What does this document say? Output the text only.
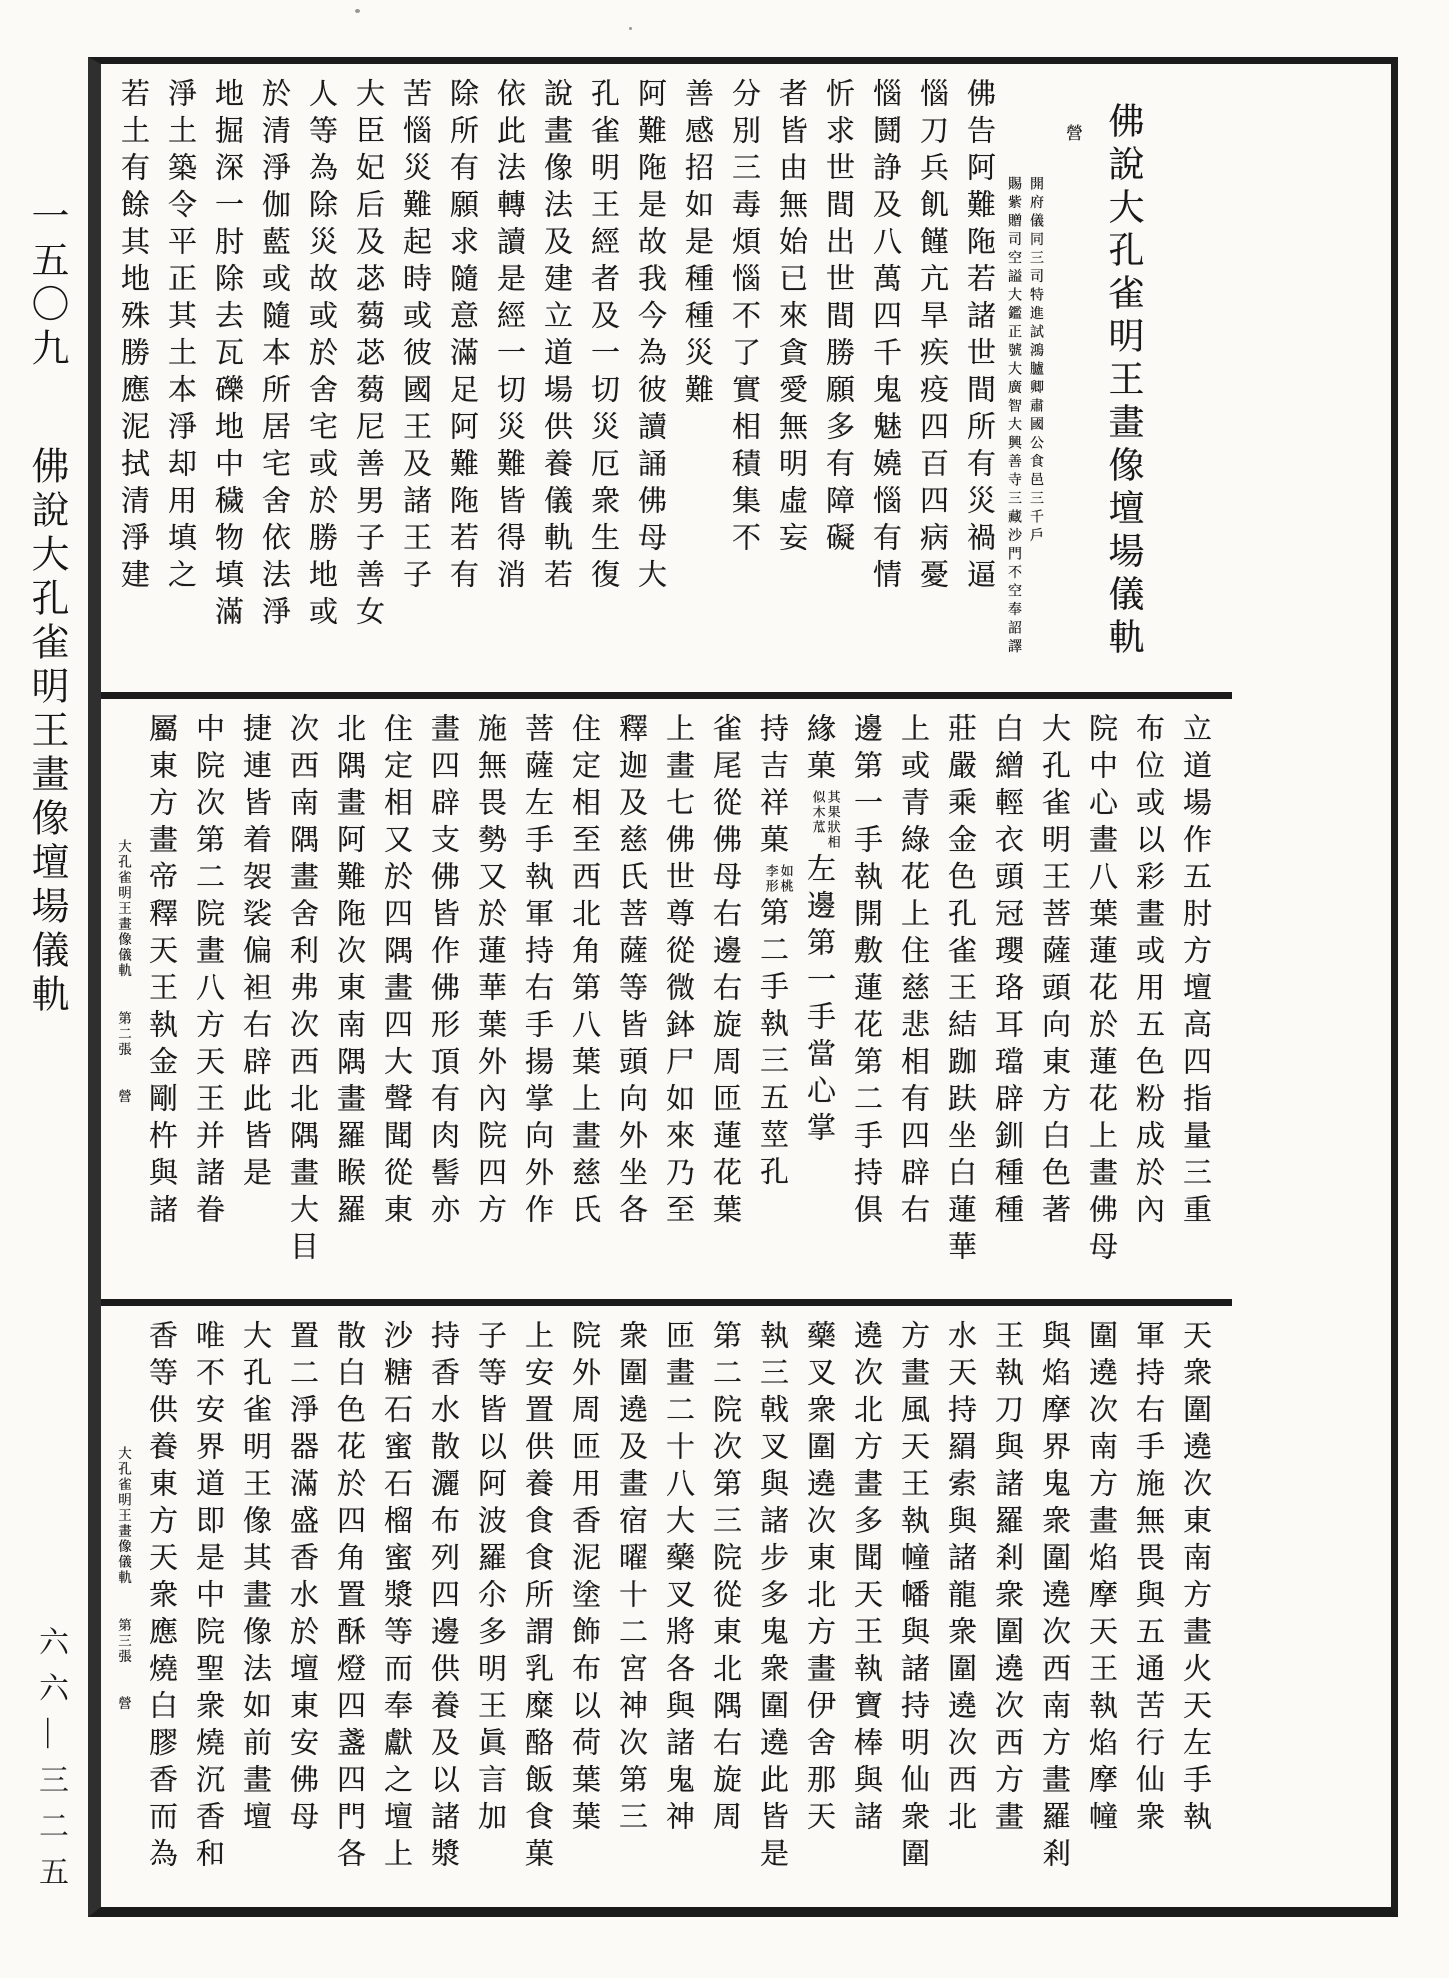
一五〇九 佛說大孔雀明王畫像壇場儀軌
六六—三二五
佛說大孔雀明王畫像壇場儀軌營
開府儀同三司特進試鴻臚卿肅國公食邑三千戶
賜紫贈司空謚大鑑正號大廣智大興善寺三藏沙門不空奉詔譯
佛告阿難陁若諸世間所有災禍逼
惱刀兵飢饉亢旱疾疫四百四病憂
惱鬪諍及八萬四千鬼魅嬈惱有情
忻求世間出世間勝願多有障礙
者皆由無始已來貪愛無明虛妄
分別三毒煩惱不了實相積集不
善感招如是種種災難
阿難陁是故我今為彼讀誦佛母大
孔雀明王經者及一切災厄衆生復
說畫像法及建立道場供養儀軌若
依此法轉讀是經一切災難皆得消
除所有願求隨意滿足阿難陁若有
苦惱災難起時或彼國王及諸王子
大臣妃后及苾蒭苾蒭尼善男子善女
人等為除災故或於舍宅或於勝地或
於清淨伽藍或隨本所居宅舍依法淨
地掘深一肘除去瓦礫地中穢物填滿
淨土築令平正其土本淨却用填之
若土有餘其地殊勝應泥拭清淨建
立道場作五肘方壇高四指量三重
布位或以彩畫或用五色粉成於內
院中心畫八葉蓮花於蓮花上畫佛母
大孔雀明王菩薩頭向東方白色著
白繒輕衣頭冠瓔珞耳璫辟釧種種
莊嚴乘金色孔雀王結跏趺坐白蓮華
上或青綠花上住慈悲相有四辟右
邊第一手執開敷蓮花第二手持俱
緣菓
其果狀相
似木苽
左邊第一手當心掌
持吉祥菓
如桃
李形
第二手執三五莖孔
雀尾從佛母右邊右旋周匝蓮花葉
上畫七佛世尊從微鉢尸如來乃至
釋迦及慈氏菩薩等皆頭向外坐各
住定相至西北角第八葉上畫慈氏
菩薩左手執軍持右手揚掌向外作
施無畏勢又於蓮華葉外內院四方
畫四辟支佛皆作佛形頂有肉髻亦
住定相又於四隅畫四大聲聞從東
北隅畫阿難陁次東南隅畫羅睺羅
次西南隅畫舍利弗次西北隅畫大目
捷連皆着袈裟偏袒右辟此皆是
中院次第二院畫八方天王并諸眷
屬東方畫帝釋天王執金剛杵與諸
大孔雀明王畫像儀軌第二張營
天衆圍遶次東南方畫火天左手執
軍持右手施無畏與五通苦行仙衆
圍遶次南方畫焰摩天王執焰摩幢
與焰摩界鬼衆圍遶次西南方畫羅剎
王執刀與諸羅剎衆圍遶次西方畫
水天持羂索與諸龍衆圍遶次西北
方畫風天王執幢幡與諸持明仙衆圍
遶次北方畫多聞天王執寶棒與諸
藥叉衆圍遶次東北方畫伊舍那天
執三戟叉與諸步多鬼衆圍遶此皆是
第二院次第三院從東北隅右旋周
匝畫二十八大藥叉將各與諸鬼神
衆圍遶及畫宿曜十二宮神次第三
院外周匝用香泥塗飾布以荷葉葉
上安置供養食食所謂乳糜酪飯食菓
子等皆以阿波羅尒多明王眞言加
持香水散灑布列四邊供養及以諸漿
沙糖石蜜石榴蜜漿等而奉獻之壇上
散白色花於四角置酥燈四盞四門各
置二淨器滿盛香水於壇東安佛母
大孔雀明王像其畫像法如前畫壇
唯不安界道即是中院聖衆燒沉香和
香等供養東方天衆應燒白膠香而為
大孔雀明王畫像儀軌第三張營
